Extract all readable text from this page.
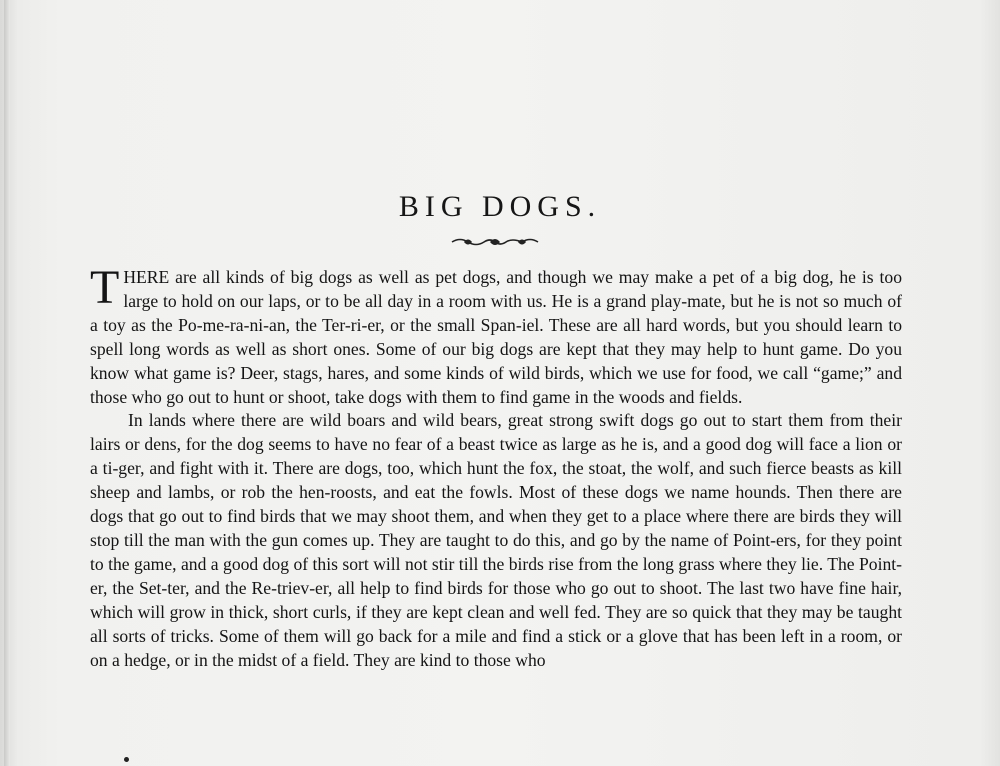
BIG DOGS.

THERE are all kinds of big dogs as well as pet dogs, and though we may make a pet of a big dog, he is too large to hold on our laps, or to be all day in a room with us. He is a grand play-mate, but he is not so much of a toy as the Po-me-ra-ni-an, the Ter-ri-er, or the small Span-iel. These are all hard words, but you should learn to spell long words as well as short ones. Some of our big dogs are kept that they may help to hunt game. Do you know what game is? Deer, stags, hares, and some kinds of wild birds, which we use for food, we call “game;” and those who go out to hunt or shoot, take dogs with them to find game in the woods and fields.

In lands where there are wild boars and wild bears, great strong swift dogs go out to start them from their lairs or dens, for the dog seems to have no fear of a beast twice as large as he is, and a good dog will face a lion or a ti-ger, and fight with it. There are dogs, too, which hunt the fox, the stoat, the wolf, and such fierce beasts as kill sheep and lambs, or rob the hen-roosts, and eat the fowls. Most of these dogs we name hounds. Then there are dogs that go out to find birds that we may shoot them, and when they get to a place where there are birds they will stop till the man with the gun comes up. They are taught to do this, and go by the name of Point-ers, for they point to the game, and a good dog of this sort will not stir till the birds rise from the long grass where they lie. The Point-er, the Set-ter, and the Re-triev-er, all help to find birds for those who go out to shoot. The last two have fine hair, which will grow in thick, short curls, if they are kept clean and well fed. They are so quick that they may be taught all sorts of tricks. Some of them will go back for a mile and find a stick or a glove that has been left in a room, or on a hedge, or in the midst of a field. They are kind to those who
